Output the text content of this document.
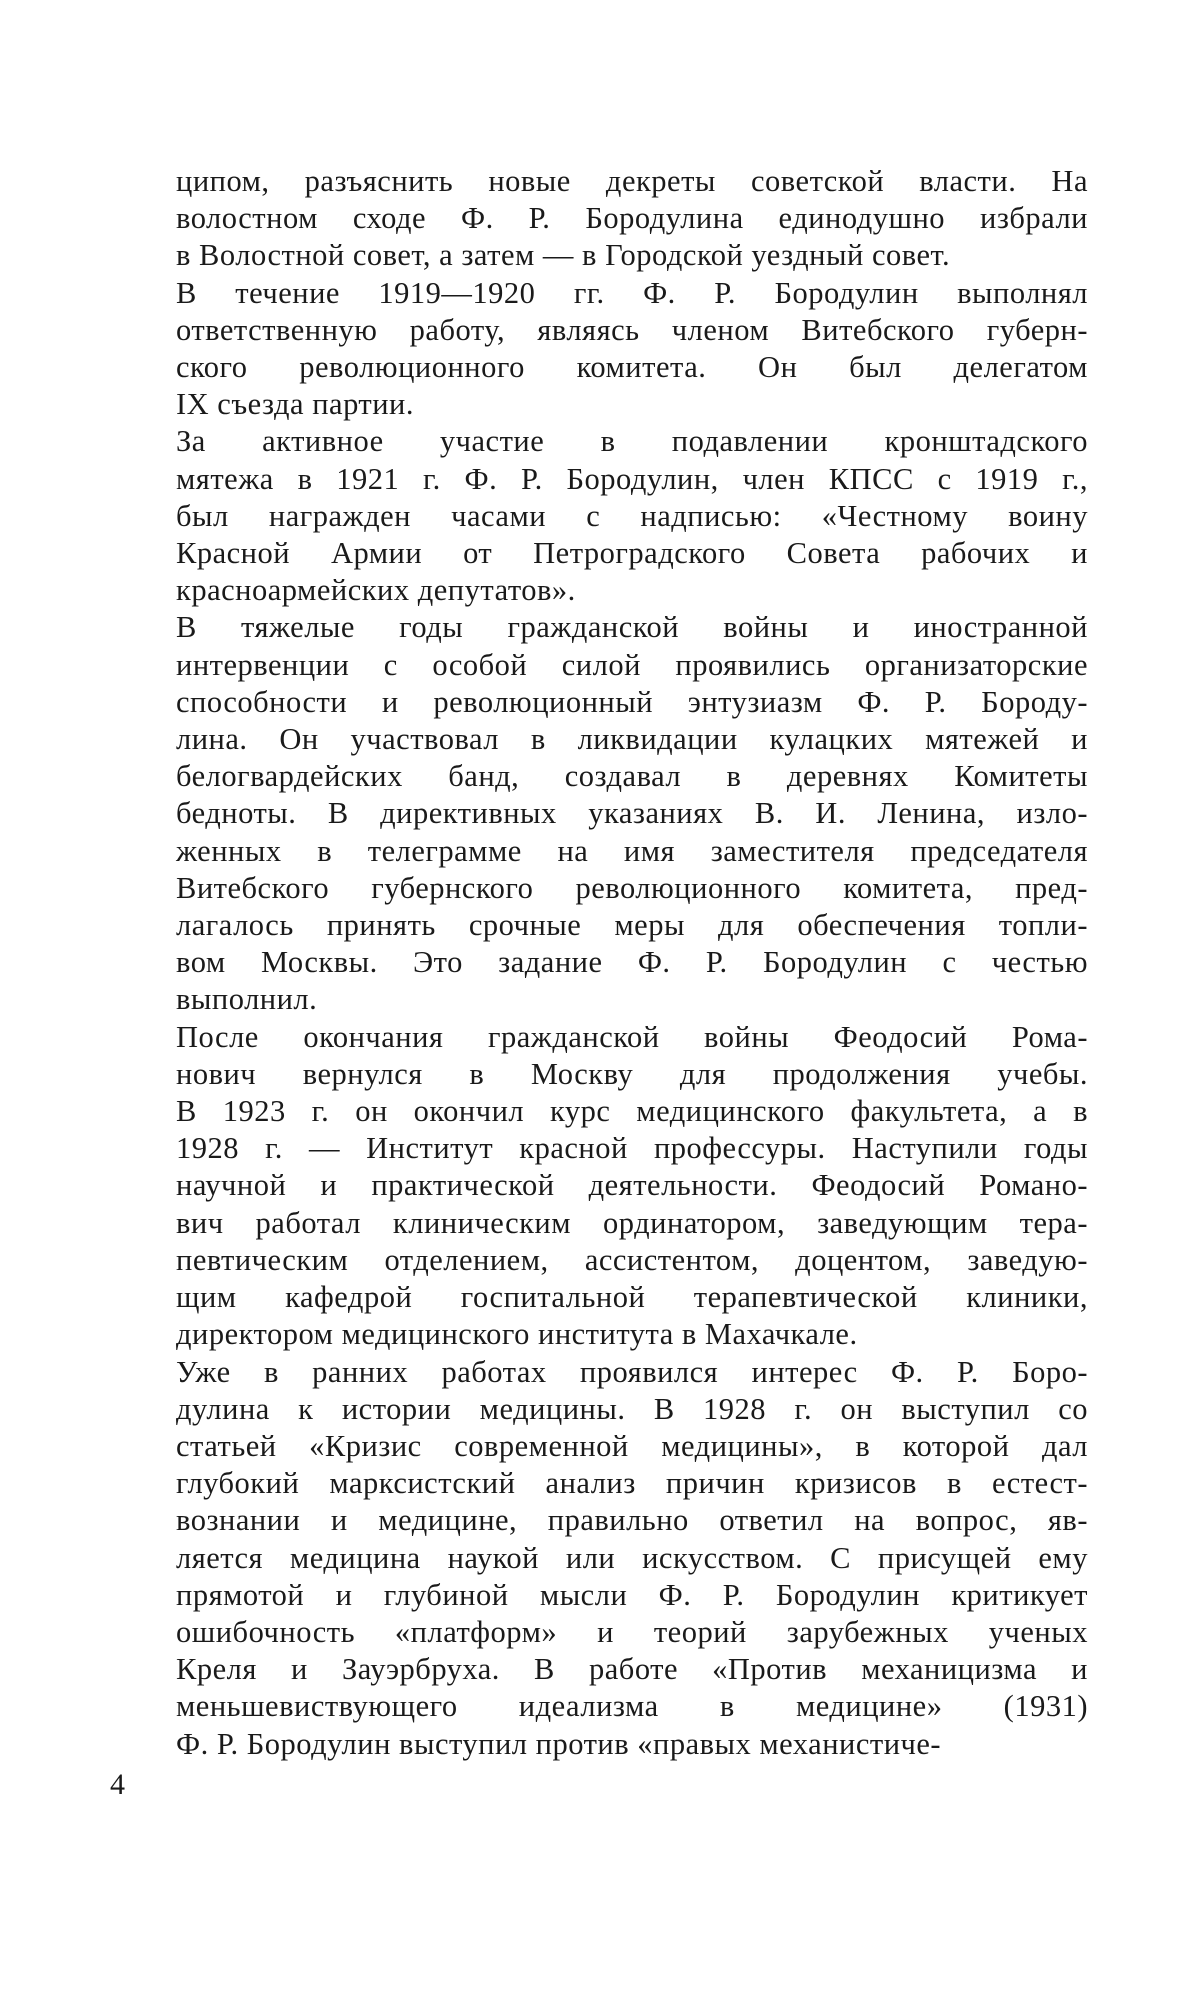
ципом, разъяснить новые декреты советской власти. На
волостном сходе Ф. Р. Бородулина единодушно избрали
в Волостной совет, а затем — в Городской уездный совет.
В течение 1919—1920 гг. Ф. Р. Бородулин выполнял
ответственную работу, являясь членом Витебского губерн-
ского революционного комитета. Он был делегатом
IX съезда партии.
За активное участие в подавлении кронштадского
мятежа в 1921 г. Ф. Р. Бородулин, член КПСС с 1919 г.,
был награжден часами с надписью: «Честному воину
Красной Армии от Петроградского Совета рабочих и
красноармейских депутатов».
В тяжелые годы гражданской войны и иностранной
интервенции с особой силой проявились организаторские
способности и революционный энтузиазм Ф. Р. Бороду-
лина. Он участвовал в ликвидации кулацких мятежей и
белогвардейских банд, создавал в деревнях Комитеты
бедноты. В директивных указаниях В. И. Ленина, изло-
женных в телеграмме на имя заместителя председателя
Витебского губернского революционного комитета, пред-
лагалось принять срочные меры для обеспечения топли-
вом Москвы. Это задание Ф. Р. Бородулин с честью
выполнил.
После окончания гражданской войны Феодосий Рома-
нович вернулся в Москву для продолжения учебы.
В 1923 г. он окончил курс медицинского факультета, а в
1928 г. — Институт красной профессуры. Наступили годы
научной и практической деятельности. Феодосий Романо-
вич работал клиническим ординатором, заведующим тера-
певтическим отделением, ассистентом, доцентом, заведую-
щим кафедрой госпитальной терапевтической клиники,
директором медицинского института в Махачкале.
Уже в ранних работах проявился интерес Ф. Р. Боро-
дулина к истории медицины. В 1928 г. он выступил со
статьей «Кризис современной медицины», в которой дал
глубокий марксистский анализ причин кризисов в естест-
вознании и медицине, правильно ответил на вопрос, яв-
ляется медицина наукой или искусством. С присущей ему
прямотой и глубиной мысли Ф. Р. Бородулин критикует
ошибочность «платформ» и теорий зарубежных ученых
Креля и Зауэрбруха. В работе «Против механицизма и
меньшевиствующего идеализма в медицине» (1931)
Ф. Р. Бородулин выступил против «правых механистиче-
4
